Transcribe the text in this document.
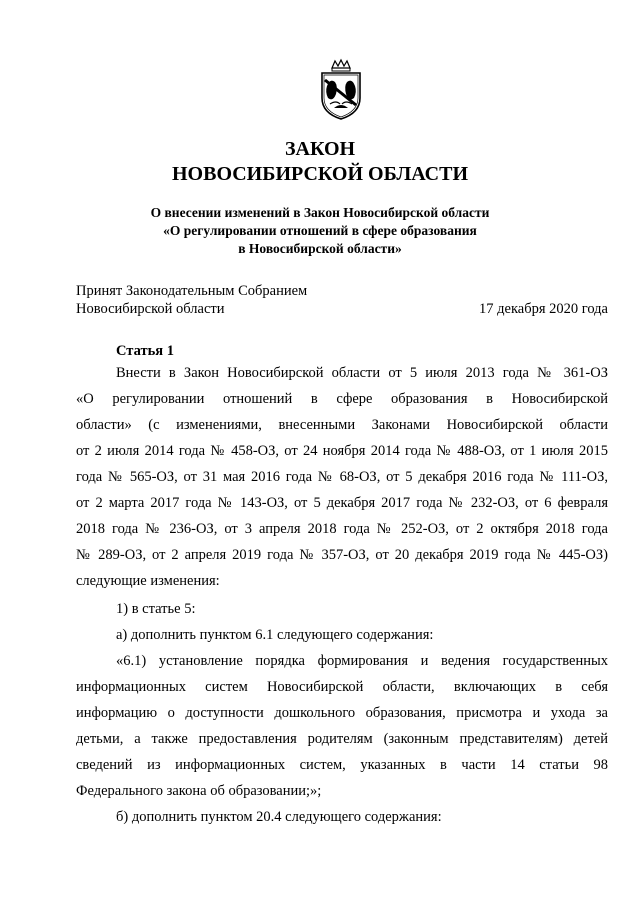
ЗАКОН
НОВОСИБИРСКОЙ ОБЛАСТИ
О внесении изменений в Закон Новосибирской области
«О регулировании отношений в сфере образования
в Новосибирской области»
Принят Законодательным Собранием
Новосибирской области	17 декабря 2020 года
Статья 1
Внести в Закон Новосибирской области от 5 июля 2013 года № 361-ОЗ
«О регулировании отношений в сфере образования в Новосибирской
области» (с изменениями, внесенными Законами Новосибирской области
от 2 июля 2014 года № 458-ОЗ, от 24 ноября 2014 года № 488-ОЗ, от 1 июля 2015
года № 565-ОЗ, от 31 мая 2016 года № 68-ОЗ, от 5 декабря 2016 года № 111-ОЗ,
от 2 марта 2017 года № 143-ОЗ, от 5 декабря 2017 года № 232-ОЗ, от 6 февраля
2018 года № 236-ОЗ, от 3 апреля 2018 года № 252-ОЗ, от 2 октября 2018 года
№ 289-ОЗ, от 2 апреля 2019 года № 357-ОЗ, от 20 декабря 2019 года № 445-ОЗ)
следующие изменения:
1) в статье 5:
а) дополнить пунктом 6.1 следующего содержания:
«6.1) установление порядка формирования и ведения государственных
информационных систем Новосибирской области, включающих в себя
информацию о доступности дошкольного образования, присмотра и ухода за
детьми, а также предоставления родителям (законным представителям) детей
сведений из информационных систем, указанных в части 14 статьи 98
Федерального закона об образовании;»;
б) дополнить пунктом 20.4 следующего содержания:
